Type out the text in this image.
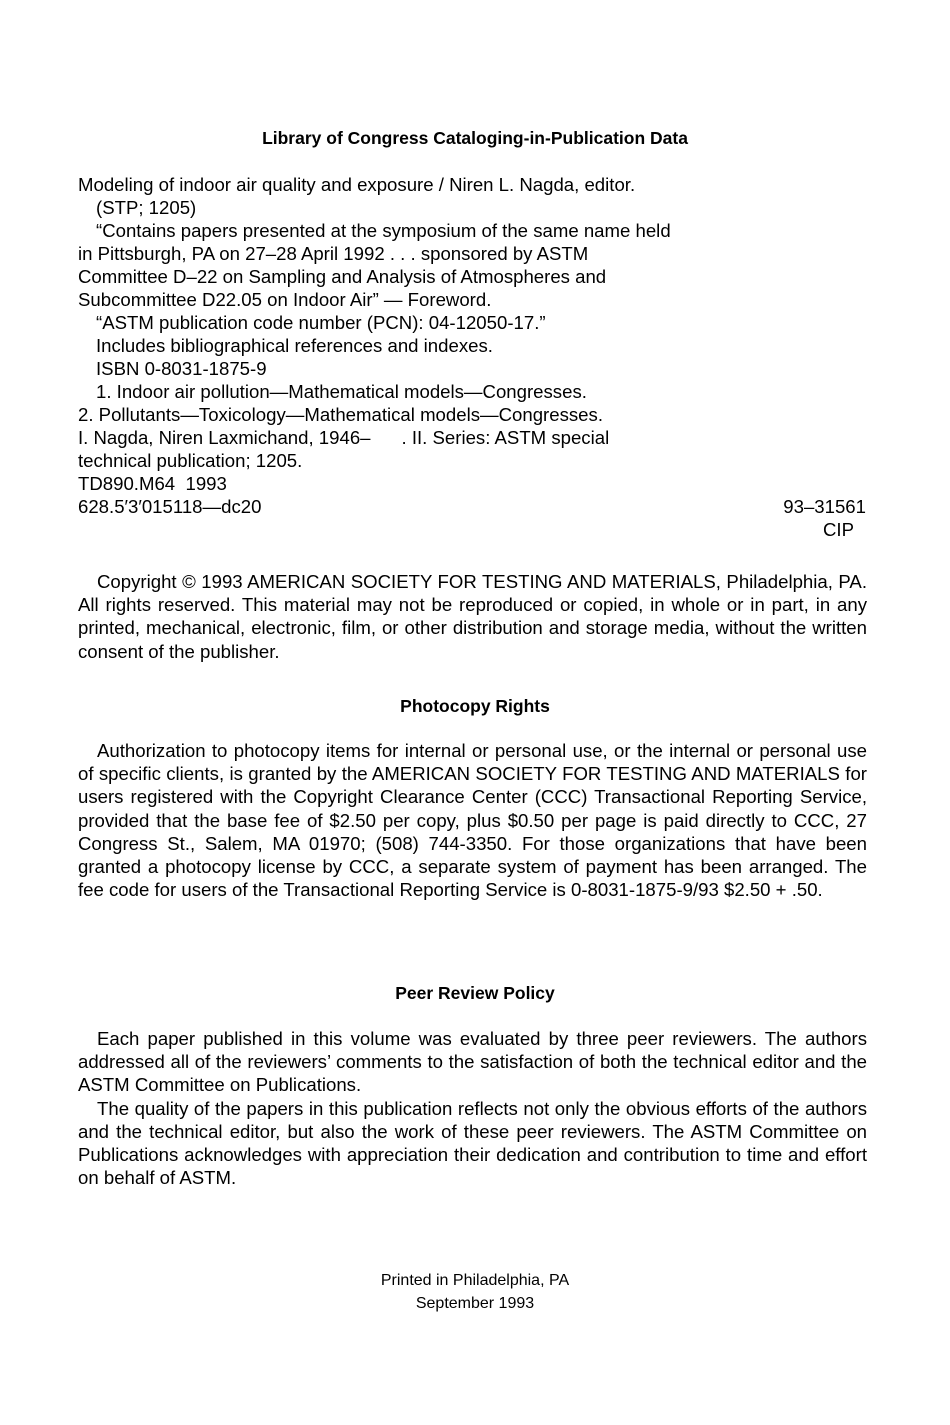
Library of Congress Cataloging-in-Publication Data
Modeling of indoor air quality and exposure / Niren L. Nagda, editor.
(STP; 1205)
“Contains papers presented at the symposium of the same name held
in Pittsburgh, PA on 27–28 April 1992 . . . sponsored by ASTM
Committee D–22 on Sampling and Analysis of Atmospheres and
Subcommittee D22.05 on Indoor Air” — Foreword.
“ASTM publication code number (PCN): 04-12050-17.”
Includes bibliographical references and indexes.
ISBN 0-8031-1875-9
1. Indoor air pollution—Mathematical models—Congresses.
2. Pollutants—Toxicology—Mathematical models—Congresses.
I. Nagda, Niren Laxmichand, 1946–      . II. Series: ASTM special
technical publication; 1205.
TD890.M64  1993
628.5′3′015118—dc20	93–31561
CIP

Copyright © 1993 AMERICAN SOCIETY FOR TESTING AND MATERIALS, Philadelphia, PA. All rights reserved. This material may not be reproduced or copied, in whole or in part, in any printed, mechanical, electronic, film, or other distribution and storage media, without the written consent of the publisher.

Photocopy Rights

Authorization to photocopy items for internal or personal use, or the internal or personal use of specific clients, is granted by the AMERICAN SOCIETY FOR TESTING AND MATERIALS for users registered with the Copyright Clearance Center (CCC) Transactional Reporting Service, provided that the base fee of $2.50 per copy, plus $0.50 per page is paid directly to CCC, 27 Congress St., Salem, MA 01970; (508) 744-3350. For those organizations that have been granted a photocopy license by CCC, a separate system of payment has been arranged. The fee code for users of the Transactional Reporting Service is 0-8031-1875-9/93 $2.50 + .50.

Peer Review Policy

Each paper published in this volume was evaluated by three peer reviewers. The authors addressed all of the reviewers’ comments to the satisfaction of both the technical editor and the ASTM Committee on Publications.

The quality of the papers in this publication reflects not only the obvious efforts of the authors and the technical editor, but also the work of these peer reviewers. The ASTM Committee on Publications acknowledges with appreciation their dedication and contribution to time and effort on behalf of ASTM.

Printed in Philadelphia, PA
September 1993
